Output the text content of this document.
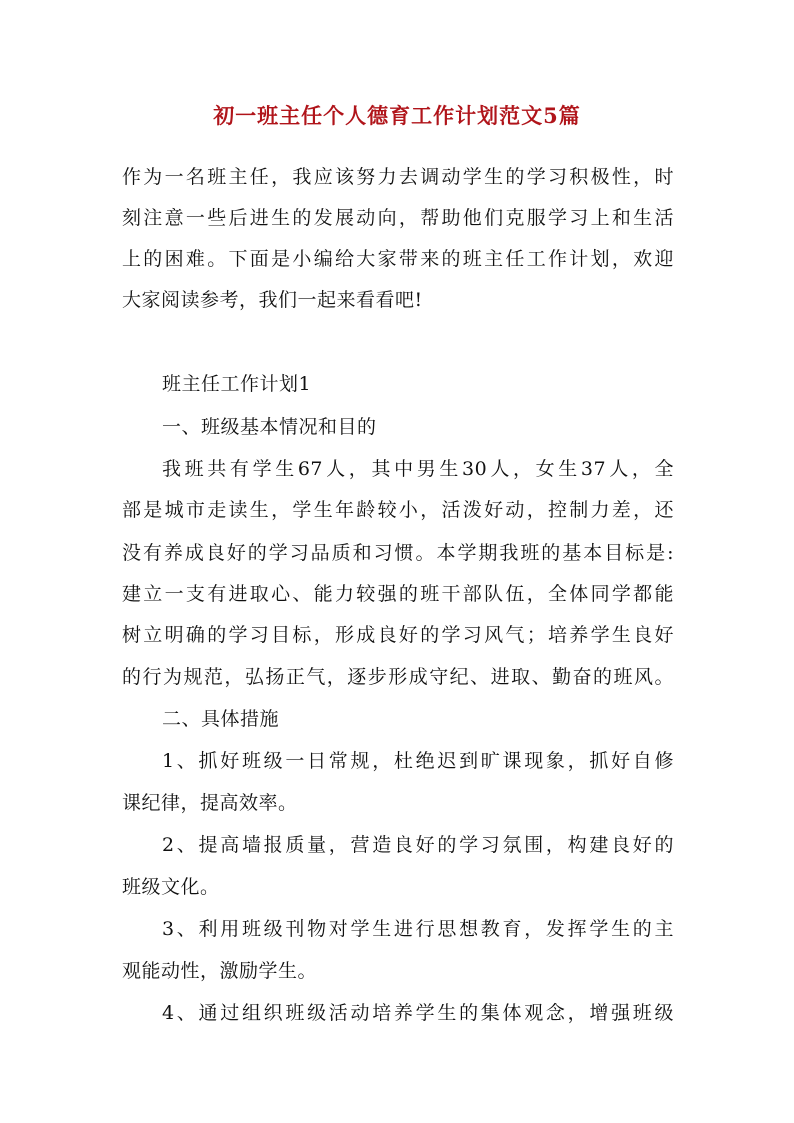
初一班主任个人德育工作计划范文5篇
作为一名班主任，我应该努力去调动学生的学习积极性，时
刻注意一些后进生的发展动向，帮助他们克服学习上和生活
上的困难。下面是小编给大家带来的班主任工作计划，欢迎
大家阅读参考，我们一起来看看吧!
班主任工作计划1
一、班级基本情况和目的
我班共有学生67人，其中男生30人，女生37人，全
部是城市走读生，学生年龄较小，活泼好动，控制力差，还
没有养成良好的学习品质和习惯。本学期我班的基本目标是:
建立一支有进取心、能力较强的班干部队伍，全体同学都能
树立明确的学习目标，形成良好的学习风气；培养学生良好
的行为规范，弘扬正气，逐步形成守纪、进取、勤奋的班风。
二、具体措施
1、抓好班级一日常规，杜绝迟到旷课现象，抓好自修
课纪律，提高效率。
2、提高墙报质量，营造良好的学习氛围，构建良好的
班级文化。
3、利用班级刊物对学生进行思想教育，发挥学生的主
观能动性，激励学生。
4、通过组织班级活动培养学生的集体观念，增强班级
